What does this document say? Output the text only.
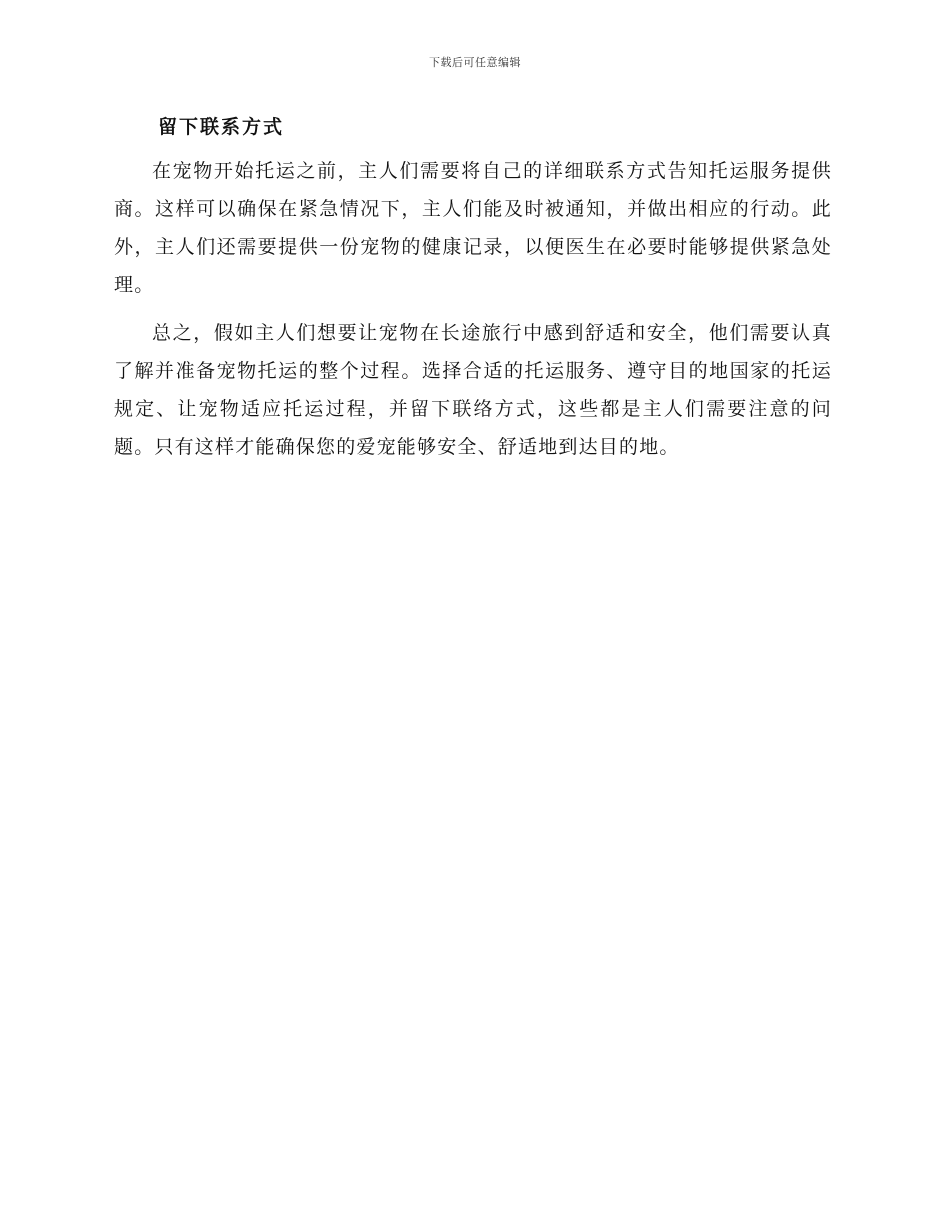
下载后可任意编辑
留下联系方式

在宠物开始托运之前，主人们需要将自己的详细联系方式告知托运服务提供商。这样可以确保在紧急情况下，主人们能及时被通知，并做出相应的行动。此外，主人们还需要提供一份宠物的健康记录，以便医生在必要时能够提供紧急处理。

总之，假如主人们想要让宠物在长途旅行中感到舒适和安全，他们需要认真了解并准备宠物托运的整个过程。选择合适的托运服务、遵守目的地国家的托运规定、让宠物适应托运过程，并留下联络方式，这些都是主人们需要注意的问题。只有这样才能确保您的爱宠能够安全、舒适地到达目的地。
